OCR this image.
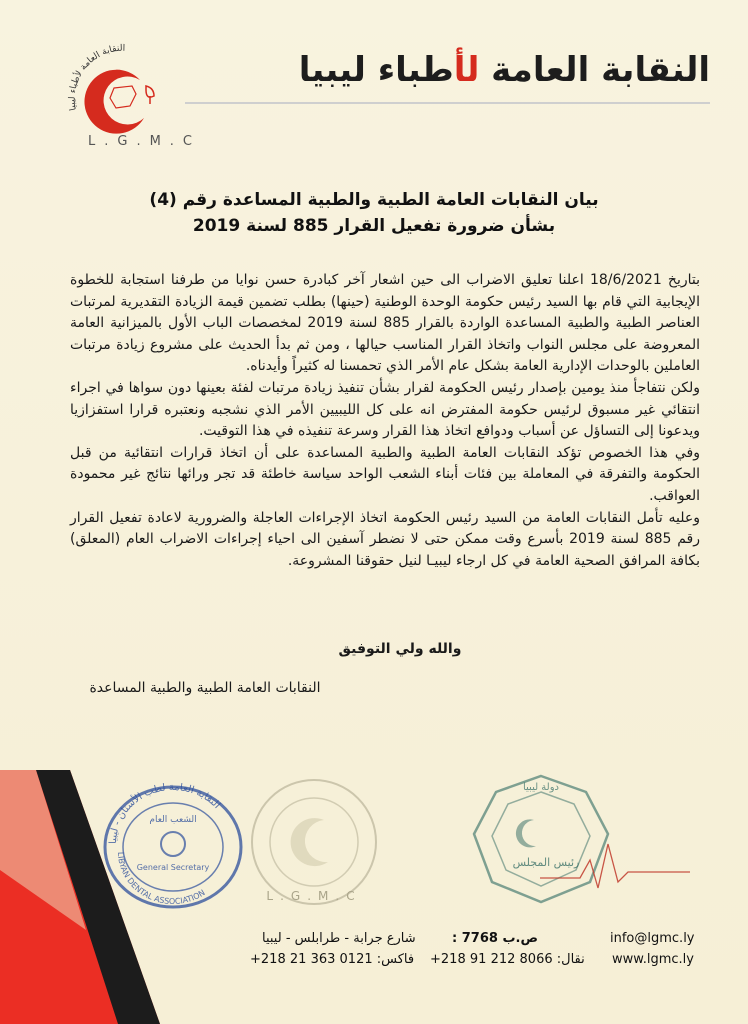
النقابة العامة لأطباء ليبيا
النقابة العامة لأطباء ليبيا
L.G.M.C
بيان النقابات العامة الطبية والطبية المساعدة رقم (4)
بشأن ضرورة تفعيل القرار 885 لسنة 2019

بتاريخ 18/6/2021 اعلنا تعليق الاضراب الى حين اشعار آخر كبادرة حسن نوايا من طرفنا استجابة للخطوة الإيجابية التي قام بها السيد رئيس حكومة الوحدة الوطنية (حينها) بطلب تضمين قيمة الزيادة التقديرية لمرتبات العناصر الطبية والطبية المساعدة الواردة بالقرار 885 لسنة 2019 لمخصصات الباب الأول بالميزانية العامة المعروضة على مجلس النواب واتخاذ القرار المناسب حيالها ، ومن ثم بدأ الحديث على مشروع زيادة مرتبات العاملين بالوحدات الإدارية العامة بشكل عام الأمر الذي تحمسنا له كثيراً وأيدناه.

ولكن نتفاجأ منذ يومين بإصدار رئيس الحكومة لقرار بشأن تنفيذ زيادة مرتبات لفئة بعينها دون سواها في اجراء انتقائي غير مسبوق لرئيس حكومة المفترض انه على كل الليبيين الأمر الذي نشجبه ونعتبره قرارا استفزازيا ويدعونا إلى التساؤل عن أسباب ودوافع اتخاذ هذا القرار وسرعة تنفيذه في هذا التوقيت.

وفي هذا الخصوص تؤكد النقابات العامة الطبية والطبية المساعدة على أن اتخاذ قرارات انتقائية من قبل الحكومة والتفرقة في المعاملة بين فئات أبناء الشعب الواحد سياسة خاطئة قد تجر ورائها نتائج غير محمودة العواقب.

وعليه تأمل النقابات العامة من السيد رئيس الحكومة اتخاذ الإجراءات العاجلة والضرورية لاعادة تفعيل القرار رقم 885 لسنة 2019 بأسرع وقت ممكن حتى لا نضطر آسفين الى احياء إجراءات الاضراب العام (المعلق) بكافة المرافق الصحية العامة في كل ارجاء ليبيـا لنيل حقوقنا المشروعة.

والله ولي التوفيق
النقابات العامة الطبية والطبية المساعدة
النقابة العامة لطب الأسنان - ليبيا
الشعب العام
General Secretary
LIBYAN DENTAL ASSOCIATION	L.G.M.C
دولة ليبيا
رئيس المجلس
شارع جرابة - طرابلس - ليبيا
فاكس: 0121 363 21 218+
ص.ب 7768 :
نقال: 8066 212 91 218+
info@lgmc.ly
www.lgmc.ly
